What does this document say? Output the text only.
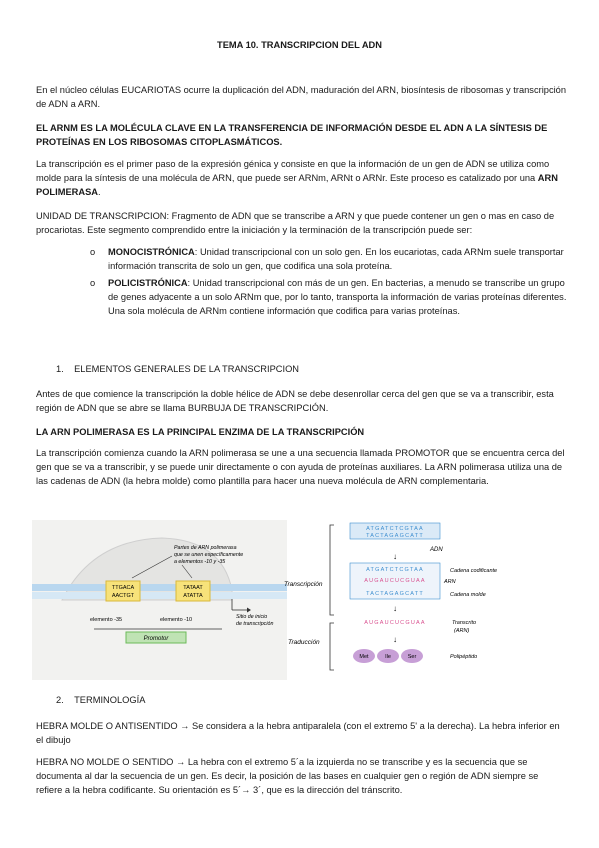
TEMA 10. TRANSCRIPCION DEL ADN

En el núcleo células EUCARIOTAS ocurre la duplicación del ADN, maduración del ARN, biosíntesis de ribosomas y transcripción de ADN a ARN.

EL ARNM ES LA MOLÉCULA CLAVE EN LA TRANSFERENCIA DE INFORMACIÓN DESDE EL ADN A LA SÍNTESIS DE PROTEÍNAS EN LOS RIBOSOMAS CITOPLASMÁTICOS.

La transcripción es el primer paso de la expresión génica y consiste en que la información de un gen de ADN se utiliza como molde para la síntesis de una molécula de ARN, que puede ser ARNm, ARNt o ARNr. Este proceso es catalizado por una ARN POLIMERASA.

UNIDAD DE TRANSCRIPCION: Fragmento de ADN que se transcribe a ARN y que puede contener un gen o mas en caso de procariotas. Este segmento comprendido entre la iniciación y la terminación de la transcripción puede ser:

o MONOCISTRÓNICA: Unidad transcripcional con un solo gen. En los eucariotas, cada ARNm suele transportar información transcrita de solo un gen, que codifica una sola proteína.
o POLICISTRÓNICA: Unidad transcripcional con más de un gen. En bacterias, a menudo se transcribe un grupo de genes adyacente a un solo ARNm que, por lo tanto, transporta la información de varias proteínas diferentes. Una sola molécula de ARNm contiene información que codifica para varias proteínas.
1. ELEMENTOS GENERALES DE LA TRANSCRIPCION

Antes de que comience la transcripción la doble hélice de ADN se debe desenrollar cerca del gen que se va a transcribir, esta región de ADN que se abre se llama BURBUJA DE TRANSCRIPCIÓN.

LA ARN POLIMERASA ES LA PRINCIPAL ENZIMA DE LA TRANSCRIPCIÓN

La transcripción comienza cuando la ARN polimerasa se une a una secuencia llamada PROMOTOR que se encuentra cerca del gen que se va a transcribir, y se puede unir directamente o con ayuda de proteínas auxiliares. La ARN polimerasa utiliza una de las cadenas de ADN (la hebra molde) como plantilla para hacer una nueva molécula de ARN complementaria.

TTGACA
AACTGT
TATAAT
ATATTA
Partes de ARN polimerasa
que se unen específicamente
a elementos -10 y -35
Sitio de inicio
de transcripción
elemento -35	elemento -10
Promotor
Transcripción
Traducción
ATGATCTCGTAA
TACTAGAGCATT
ADN
↓
ATGATCTCGTAA
AUGAUCUCGUAA
TACTAGAGCATT
Cadena codificante
ARN
Cadena molde
↓
AUGAUCUCGUAA	Transcrito
(ARN)
↓
Met	Ile	Ser	Polipéptido
2. TERMINOLOGÍA

HEBRA MOLDE O ANTISENTIDO → Se considera a la hebra antiparalela (con el extremo 5' a la derecha). La hebra inferior en el dibujo

HEBRA NO MOLDE O SENTIDO → La hebra con el extremo 5´a la izquierda no se transcribe y es la secuencia que se documenta al dar la secuencia de un gen. Es decir, la posición de las bases en cualquier gen o región de ADN siempre se refiere a la hebra codificante. Su orientación es 5´→ 3´, que es la dirección del tránscrito.
